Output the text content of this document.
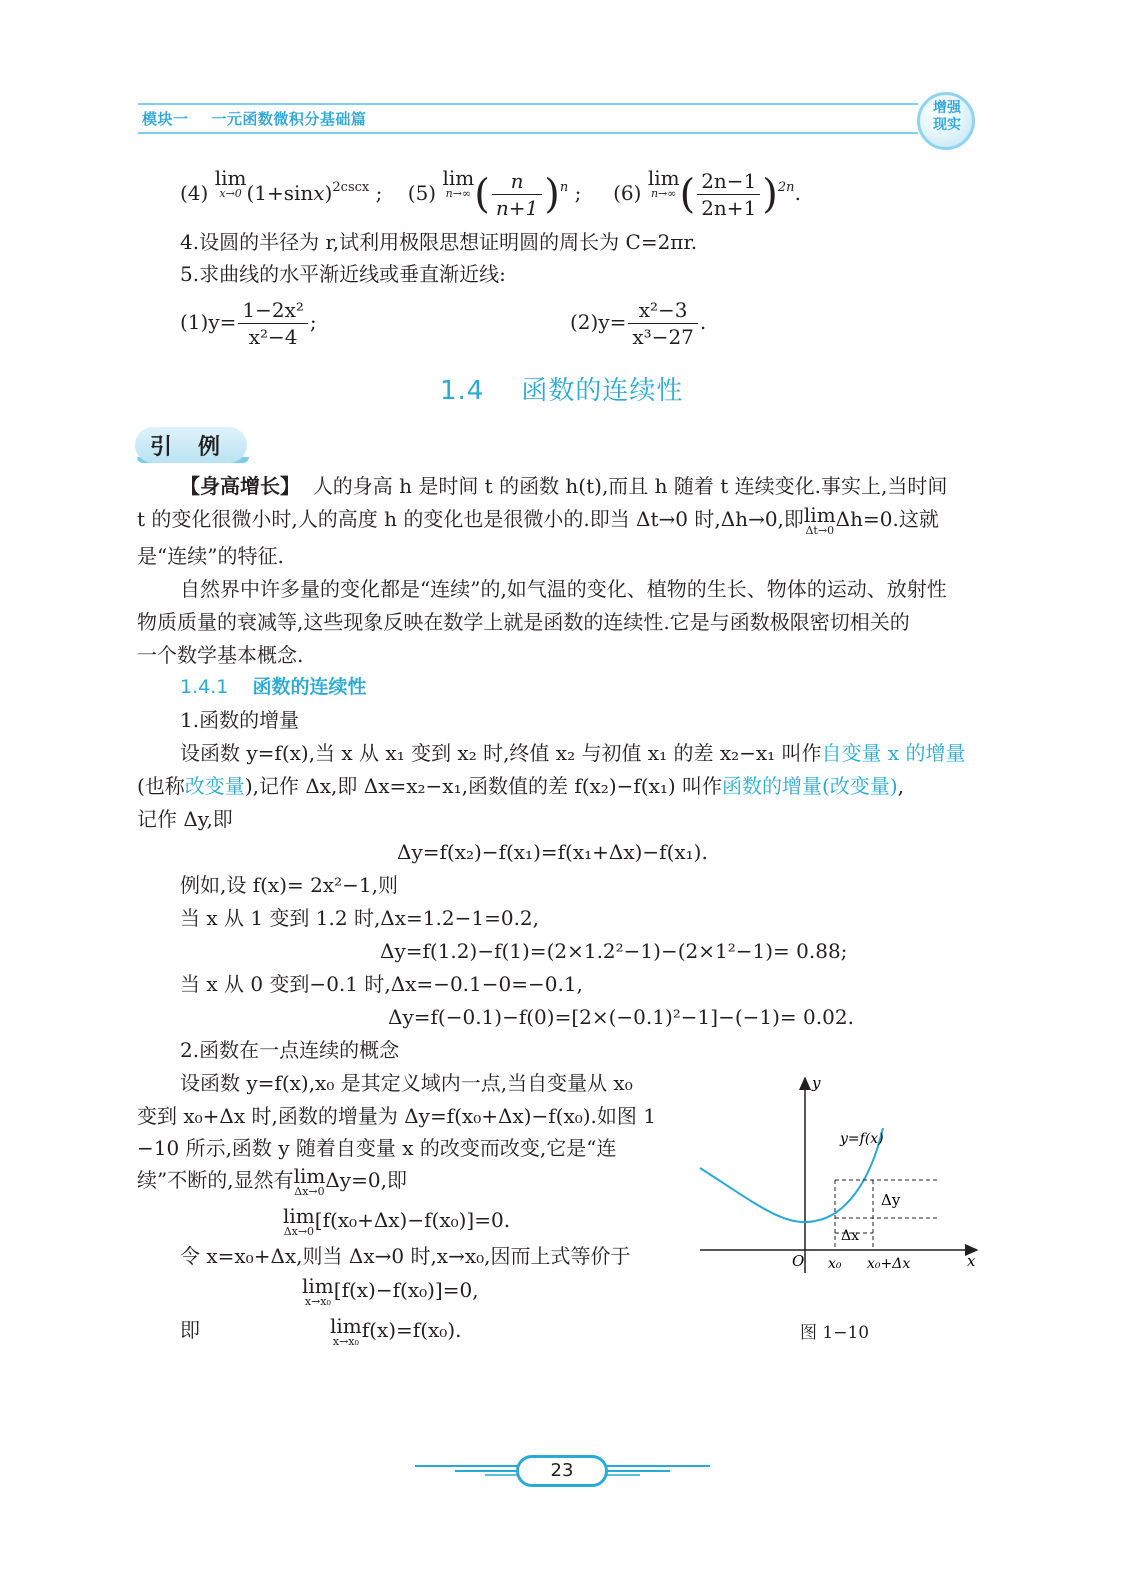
模块一 一元函数微积分基础篇
增强
现实
(4) lim
x→0 $(1+\sin x)^{2cscx}$ ; (5) lim
n→∞ ( $\frac{n}{n+1} )^n$ ; (6) lim
n→∞ ( $\frac{2n-1}{2n+1} )^{2n}$.
4.设圆的半径为 r,试利用极限思想证明圆的周长为 C=2πr.
5.求曲线的水平渐近线或垂直渐近线:
$(1)y= \frac{\text{1−2x²}}{\text{x²−4}}$ ;	$(2)y= \frac{\text{x²−3}}{\text{x³−27}}$ .
1.4 函数的连续性
引例
【身高增长】 人的身高 h 是时间 t 的函数 h(t),而且 h 随着 t 连续变化.事实上,当时间
t 的变化很微小时,人的高度 h 的变化也是很微小的.即当 Δt→0 时,Δh→0,即lim
Δt→0 Δh=0.这就
是“连续”的特征.
自然界中许多量的变化都是“连续”的,如气温的变化、植物的生长、物体的运动、放射性
物质质量的衰减等,这些现象反映在数学上就是函数的连续性.它是与函数极限密切相关的
一个数学基本概念.
1.4.1 函数的连续性
1.函数的增量
设函数 y=f(x),当 x 从 x₁ 变到 x₂ 时,终值 x₂ 与初值 x₁ 的差 x₂−x₁ 叫作自变量 x 的增量
(也称改变量),记作 Δx,即 Δx=x₂−x₁,函数值的差 f(x₂)−f(x₁) 叫作函数的增量(改变量),
记作 Δy,即
Δy=f(x₂)−f(x₁)=f(x₁+Δx)−f(x₁).
例如,设 f(x)= 2x²−1,则
当 x 从 1 变到 1.2 时,Δx=1.2−1=0.2,
Δy=f(1.2)−f(1)=(2×1.2²−1)−(2×1²−1)= 0.88;
当 x 从 0 变到−0.1 时,Δx=−0.1−0=−0.1,
Δy=f(−0.1)−f(0)=[2×(−0.1)²−1]−(−1)= 0.02.
2.函数在一点连续的概念
设函数 y=f(x),x₀ 是其定义域内一点,当自变量从 x₀
变到 x₀+Δx 时,函数的增量为 Δy=f(x₀+Δx)−f(x₀).如图 1
−10 所示,函数 y 随着自变量 x 的改变而改变,它是“连
续”不断的,显然有lim
Δx→0 Δy=0,即
lim
Δx→0 [f(x₀+Δx)−f(x₀)]=0.
令 x=x₀+Δx,则当 Δx→0 时,x→x₀,因而上式等价于
lim
x→x₀ [f(x)−f(x₀)]=0,
即	lim
x→x₀ f(x)=f(x₀).
y
x
O
y=f(x)
Δy
Δx
x₀ x₀+Δx
图 1−10
23
